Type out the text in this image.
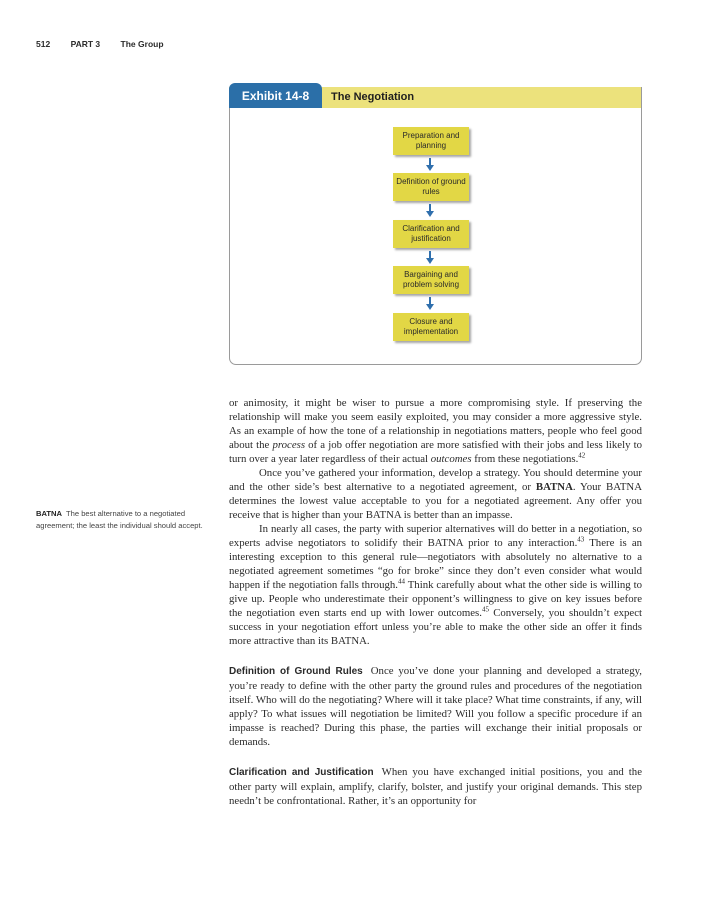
512 PART 3 The Group
Exhibit 14-8	The Negotiation
Preparation and planning
Definition of ground rules
Clarification and justification
Bargaining and problem solving
Closure and implementation
BATNA The best alternative to a negotiated agreement; the least the individual should accept.

or animosity, it might be wiser to pursue a more compromising style. If preserving the relationship will make you seem easily exploited, you may consider a more aggressive style. As an example of how the tone of a relationship in negotiations matters, people who feel good about the process of a job offer negotiation are more satisfied with their jobs and less likely to turn over a year later regardless of their actual outcomes from these negotiations.$^{42}$

Once you’ve gathered your information, develop a strategy. You should determine your and the other side’s best alternative to a negotiated agreement, or BATNA. Your BATNA determines the lowest value acceptable to you for a negotiated agreement. Any offer you receive that is higher than your BATNA is better than an impasse.

In nearly all cases, the party with superior alternatives will do better in a negotiation, so experts advise negotiators to solidify their BATNA prior to any interaction.$^{43}$ There is an interesting exception to this general rule—negotiators with absolutely no alternative to a negotiated agreement sometimes “go for broke” since they don’t even consider what would happen if the negotiation falls through.$^{44}$ Think carefully about what the other side is willing to give up. People who underestimate their opponent’s willingness to give on key issues before the negotiation even starts end up with lower outcomes.$^{45}$ Conversely, you shouldn’t expect success in your negotiation effort unless you’re able to make the other side an offer it finds more attractive than its BATNA.

Definition of Ground Rules Once you’ve done your planning and developed a strategy, you’re ready to define with the other party the ground rules and procedures of the negotiation itself. Who will do the negotiating? Where will it take place? What time constraints, if any, will apply? To what issues will negotiation be limited? Will you follow a specific procedure if an impasse is reached? During this phase, the parties will exchange their initial proposals or demands.

Clarification and Justification When you have exchanged initial positions, you and the other party will explain, amplify, clarify, bolster, and justify your original demands. This step needn’t be confrontational. Rather, it’s an opportunity for
